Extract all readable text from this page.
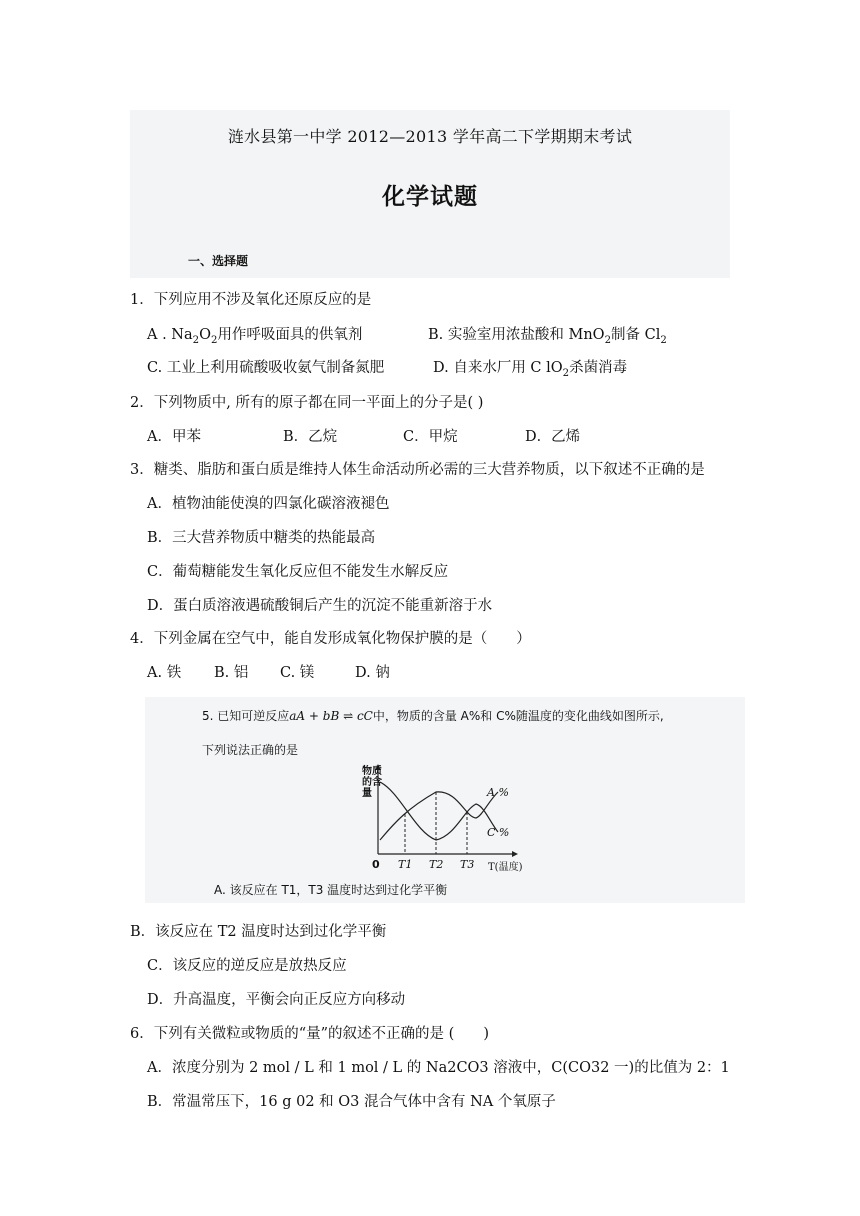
涟水县第一中学 2012—2013 学年高二下学期期末考试
化学试题
一、选择题
1．下列应用不涉及氧化还原反应的是
A . $Na_2O_2$用作呼吸面具的供氧剂	B. 实验室用浓盐酸和 MnO$_2$制备 $Cl_2$
C. 工业上利用硫酸吸收氨气制备氮肥	D. 自来水厂用 C $lO_2$杀菌消毒
2．下列物质中, 所有的原子都在同一平面上的分子是( )
A．甲苯	B．乙烷	C．甲烷	D．乙烯
3．糖类、脂肪和蛋白质是维持人体生命活动所必需的三大营养物质，以下叙述不正确的是
A．植物油能使溴的四氯化碳溶液褪色
B．三大营养物质中糖类的热能最高
C．葡萄糖能发生氧化反应但不能发生水解反应
D．蛋白质溶液遇硫酸铜后产生的沉淀不能重新溶于水
4．下列金属在空气中，能自发形成氧化物保护膜的是（　　）
A. 铁 B. 铝 C. 镁	D. 钠
5. 已知可逆反应aA + bB ⇌ cC中，物质的含量 A%和 C%随温度的变化曲线如图所示,
下列说法正确的是
物质的含量	A %
C %
0 T1 T2 T3 T(温度)
A. 该反应在 T1，T3 温度时达到过化学平衡
B．该反应在 T2 温度时达到过化学平衡
C．该反应的逆反应是放热反应
D．升高温度，平衡会向正反应方向移动
6．下列有关微粒或物质的“量”的叙述不正确的是 (　　)
A．浓度分别为 2 mol / L 和 1 mol / L 的 Na2CO3 溶液中，C(CO32 一)的比值为 2：1
B．常温常压下，16 g 02 和 O3 混合气体中含有 NA 个氧原子
